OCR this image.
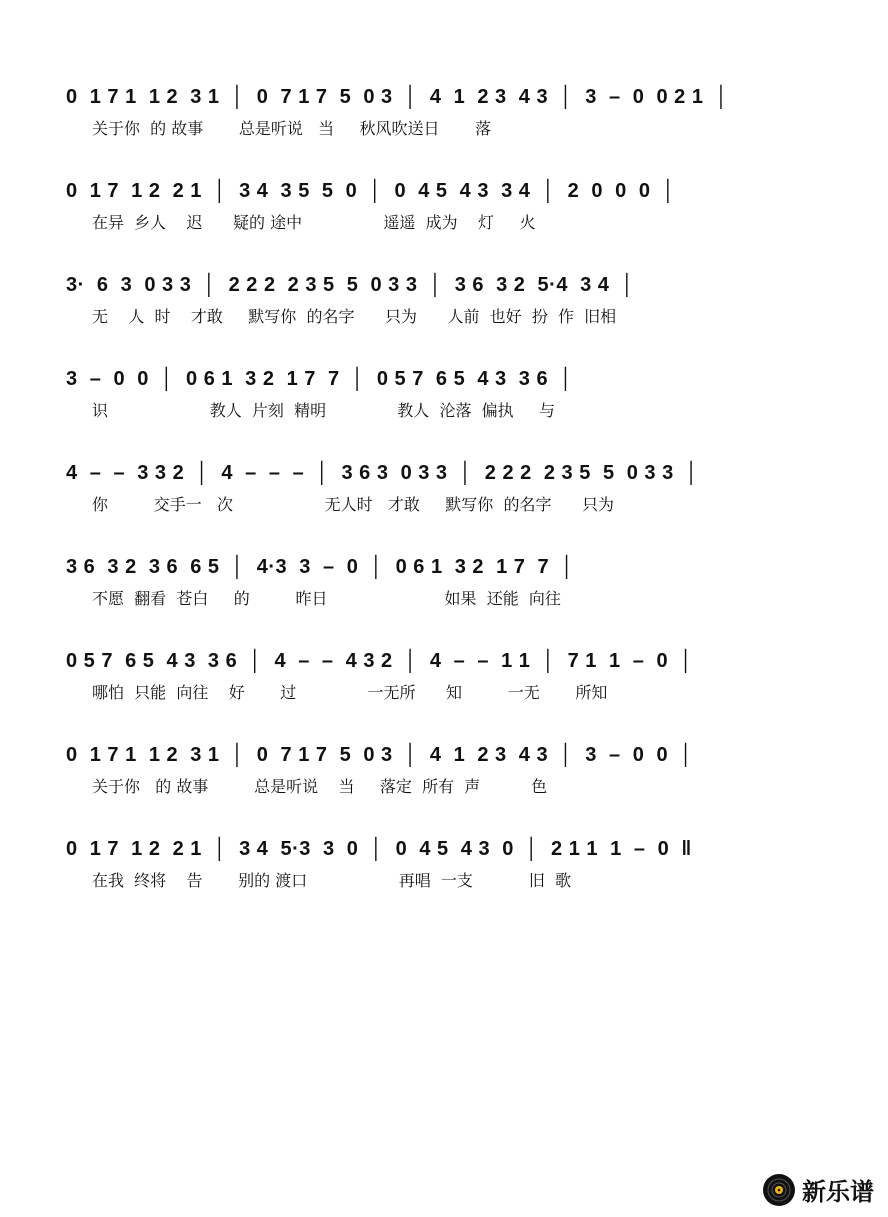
0  1 7 1  1 2  3 1  │  0  7 1 7  5  0 3  │  4  1  2 3  4 3  │  3  –  0  0 2 1  │
关于你  的 故事       总是听说   当     秋风吹送日       落
0  1 7  1 2  2 1  │  3 4  3 5  5  0  │  0  4 5  4 3  3 4  │  2  0  0  0  │
在异  乡人    迟      疑的 途中                遥遥  成为    灯     火
3·  6  3  0 3 3  │  2 2 2  2 3 5  5  0 3 3  │  3 6  3 2  5·4  3 4  │
无    人  时    才敢     默写你  的名字      只为      人前  也好  扮  作  旧相
3  –  0  0  │  0 6 1  3 2  1 7  7  │  0 5 7  6 5  4 3  3 6  │
识                    教人  片刻  精明              教人  沦落  偏执     与
4  –  –  3 3 2  │  4  –  –  –  │  3 6 3  0 3 3  │  2 2 2  2 3 5  5  0 3 3  │
你         交手一   次                  无人时   才敢     默写你  的名字      只为
3 6  3 2  3 6  6 5  │  4·3  3  –  0  │  0 6 1  3 2  1 7  7  │
不愿  翻看  苍白     的         昨日                       如果  还能  向往
0 5 7  6 5  4 3  3 6  │  4  –  –  4 3 2  │  4  –  –  1 1  │  7 1  1  –  0  │
哪怕  只能  向往    好       过              一无所      知         一无       所知
0  1 7 1  1 2  3 1  │  0  7 1 7  5  0 3  │  4  1  2 3  4 3  │  3  –  0  0  │
关于你   的 故事         总是听说    当     落定  所有  声          色
0  1 7  1 2  2 1  │  3 4  5·3  3  0  │  0  4 5  4 3  0  │  2 1 1  1  –  0  ‖
在我  终将    告       别的 渡口                  再唱  一支           旧  歌
新乐谱
